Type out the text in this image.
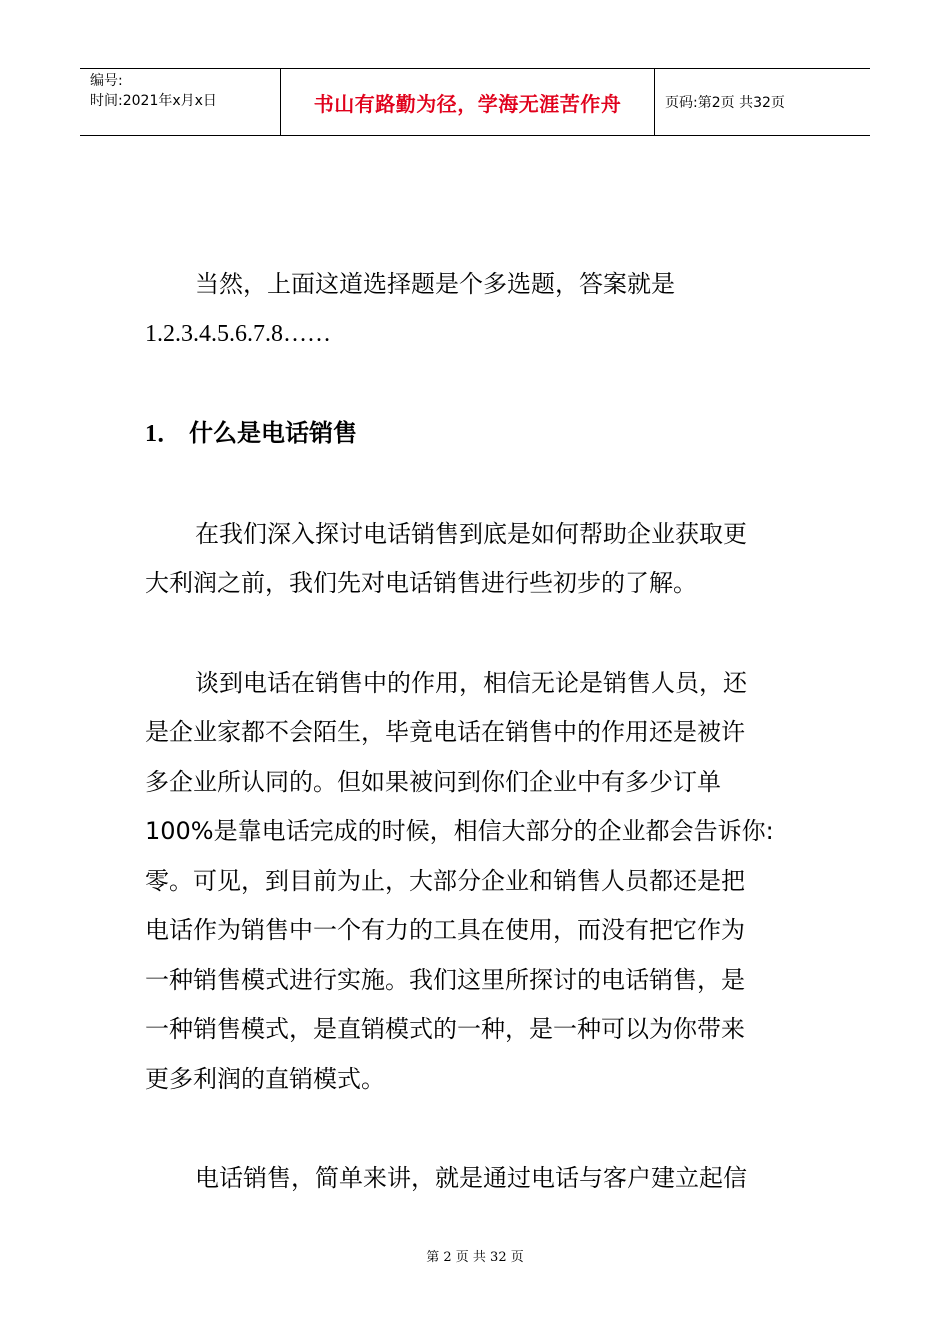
编号:
时间:2021年x月x日	书山有路勤为径，学海无涯苦作舟	页码:第2页 共32页

当然，上面这道选择题是个多选题，答案就是

1.2.3.4.5.6.7.8……

1． 什么是电话销售

在我们深入探讨电话销售到底是如何帮助企业获取更

大利润之前，我们先对电话销售进行些初步的了解。

谈到电话在销售中的作用，相信无论是销售人员，还

是企业家都不会陌生，毕竟电话在销售中的作用还是被许

多企业所认同的。但如果被问到你们企业中有多少订单

100%是靠电话完成的时候，相信大部分的企业都会告诉你:

零。可见，到目前为止，大部分企业和销售人员都还是把

电话作为销售中一个有力的工具在使用，而没有把它作为

一种销售模式进行实施。我们这里所探讨的电话销售，是

一种销售模式，是直销模式的一种，是一种可以为你带来

更多利润的直销模式。

电话销售，简单来讲，就是通过电话与客户建立起信

第 2 页 共 32 页
